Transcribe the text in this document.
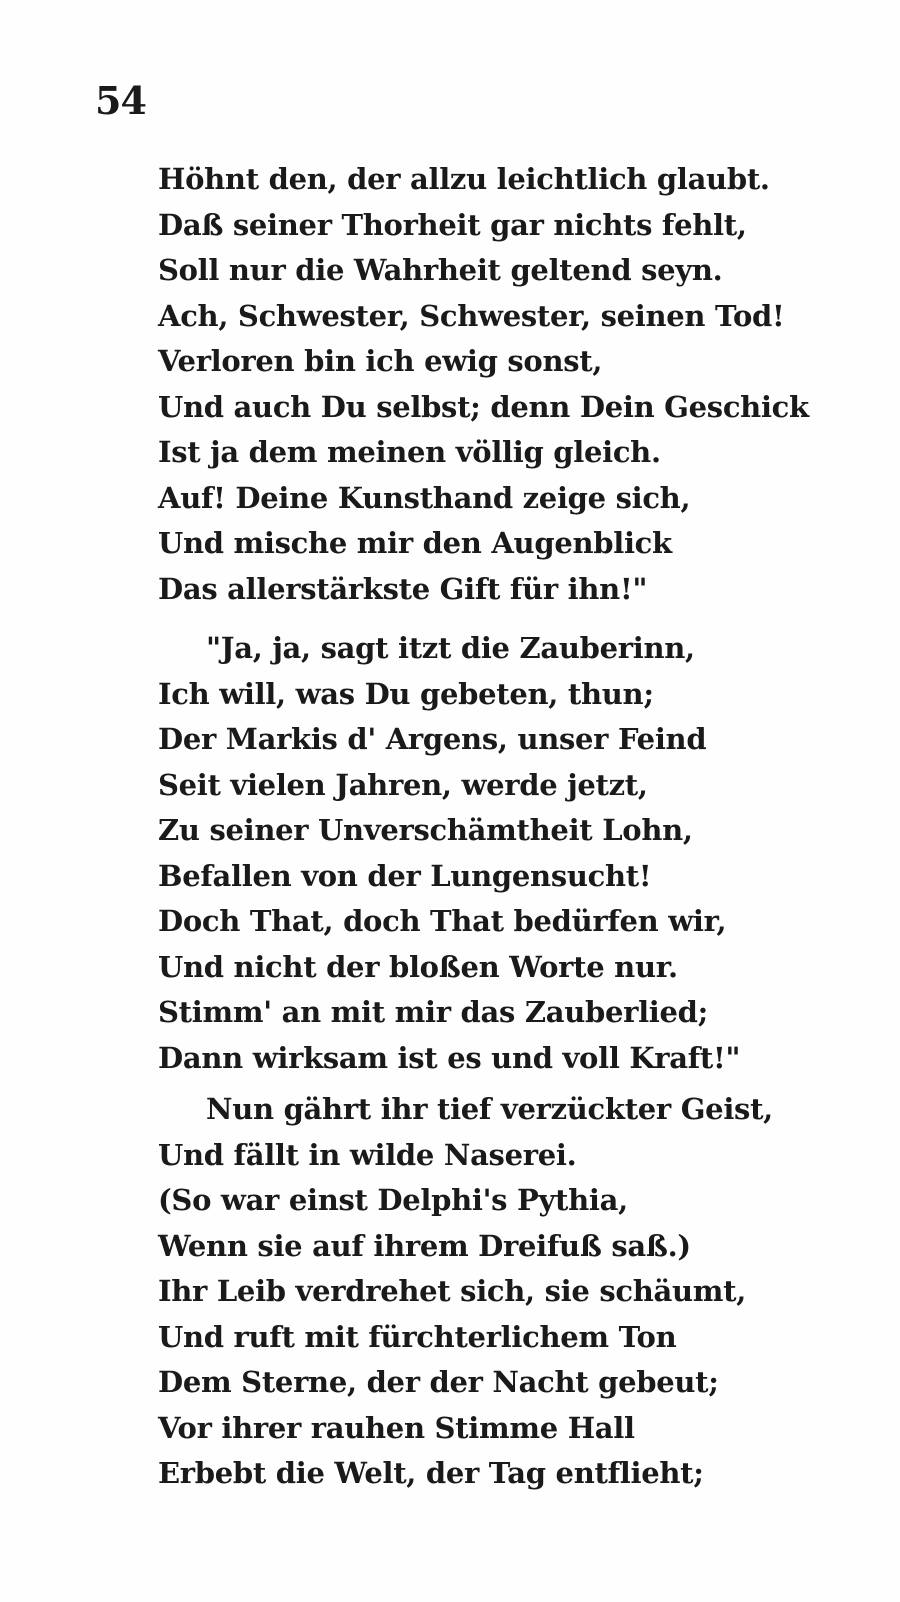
54
Höhnt den, der allzu leichtlich glaubt.
Daß seiner Thorheit gar nichts fehlt,
Soll nur die Wahrheit geltend seyn.
Ach, Schwester, Schwester, seinen Tod!
Verloren bin ich ewig sonst,
Und auch Du selbst; denn Dein Geschick
Ist ja dem meinen völlig gleich.
Auf! Deine Kunsthand zeige sich,
Und mische mir den Augenblick
Das allerstärkste Gift für ihn!"
"Ja, ja, sagt itzt die Zauberinn,
Ich will, was Du gebeten, thun;
Der Markis d' Argens, unser Feind
Seit vielen Jahren, werde jetzt,
Zu seiner Unverschämtheit Lohn,
Befallen von der Lungensucht!
Doch That, doch That bedürfen wir,
Und nicht der bloßen Worte nur.
Stimm' an mit mir das Zauberlied;
Dann wirksam ist es und voll Kraft!"
Nun gährt ihr tief verzückter Geist,
Und fällt in wilde Naserei.
(So war einst Delphi's Pythia,
Wenn sie auf ihrem Dreifuß saß.)
Ihr Leib verdrehet sich, sie schäumt,
Und ruft mit fürchterlichem Ton
Dem Sterne, der der Nacht gebeut;
Vor ihrer rauhen Stimme Hall
Erbebt die Welt, der Tag entflieht;
